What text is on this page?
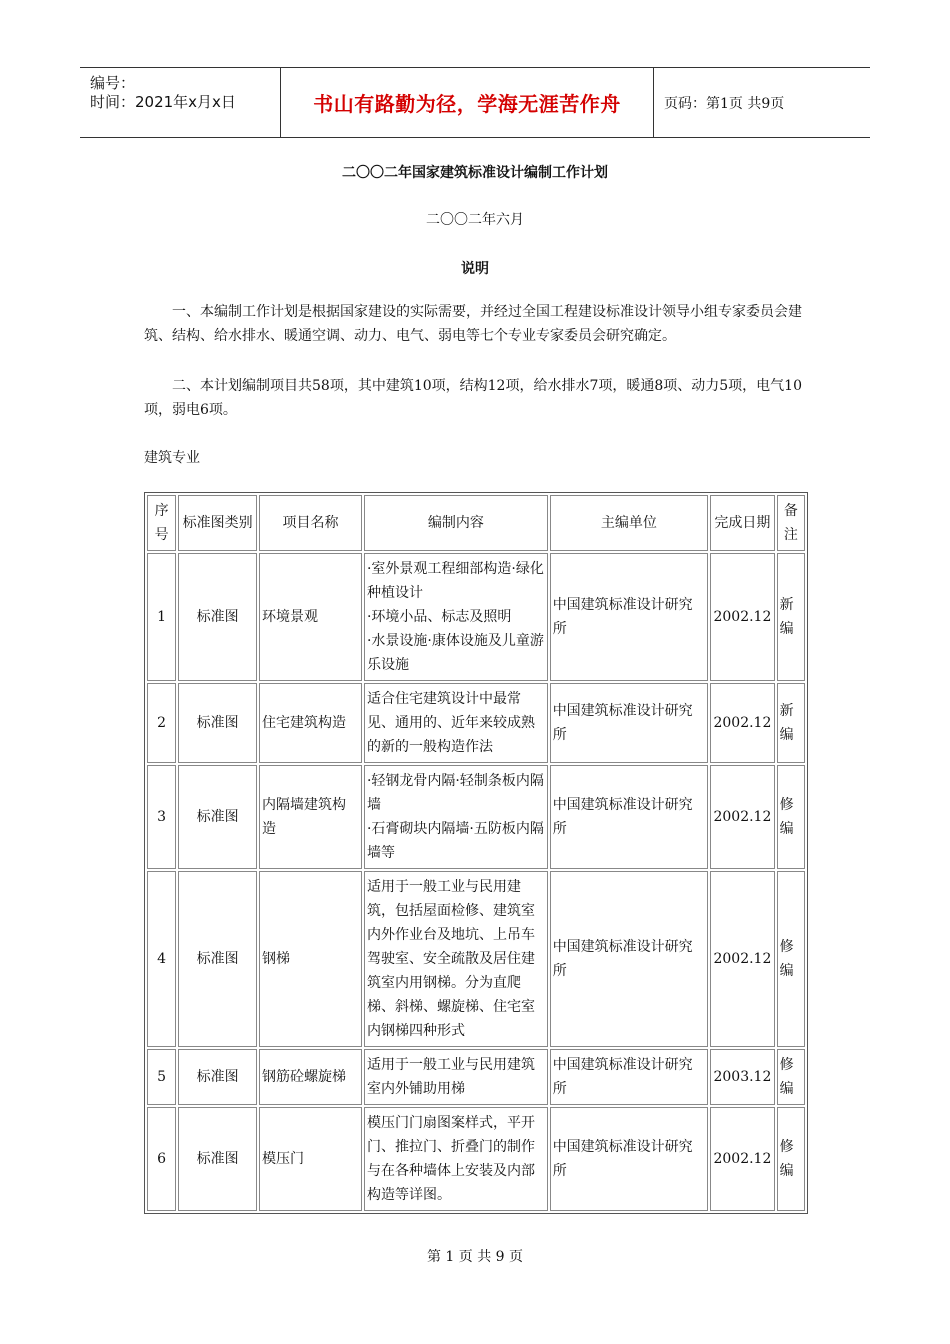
编号：
时间：2021年x月x日	书山有路勤为径，学海无涯苦作舟	页码：第1页 共9页
二〇〇二年国家建筑标准设计编制工作计划
二〇〇二年六月
说明
一、本编制工作计划是根据国家建设的实际需要，并经过全国工程建设标准设计领导小组专家委员会建筑、结构、给水排水、暖通空调、动力、电气、弱电等七个专业专家委员会研究确定。
二、本计划编制项目共58项，其中建筑10项，结构12项，给水排水7项，暖通8项、动力5项，电气10项，弱电6项。
建筑专业
序号	标准图类别	项目名称	编制内容	主编单位	完成日期	备注
1	标准图	环境景观	·室外景观工程细部构造·绿化种植设计
·环境小品、标志及照明
·水景设施·康体设施及儿童游乐设施	中国建筑标准设计研究所	2002.12	新编
2	标准图	住宅建筑构造	适合住宅建筑设计中最常见、通用的、近年来较成熟的新的一般构造作法	中国建筑标准设计研究所	2002.12	新编
3	标准图	内隔墙建筑构造	·轻钢龙骨内隔·轻制条板内隔墙
·石膏砌块内隔墙·五防板内隔墙等	中国建筑标准设计研究所	2002.12	修编
4	标准图	钢梯	适用于一般工业与民用建筑，包括屋面检修、建筑室内外作业台及地坑、上吊车驾驶室、安全疏散及居住建筑室内用钢梯。分为直爬梯、斜梯、螺旋梯、住宅室内钢梯四种形式	中国建筑标准设计研究所	2002.12	修编
5	标准图	钢筋砼螺旋梯	适用于一般工业与民用建筑室内外铺助用梯	中国建筑标准设计研究所	2003.12	修编
6	标准图	模压门	模压门门扇图案样式，平开门、推拉门、折叠门的制作与在各种墙体上安装及内部构造等详图。	中国建筑标准设计研究所	2002.12	修编
第 1 页 共 9 页
